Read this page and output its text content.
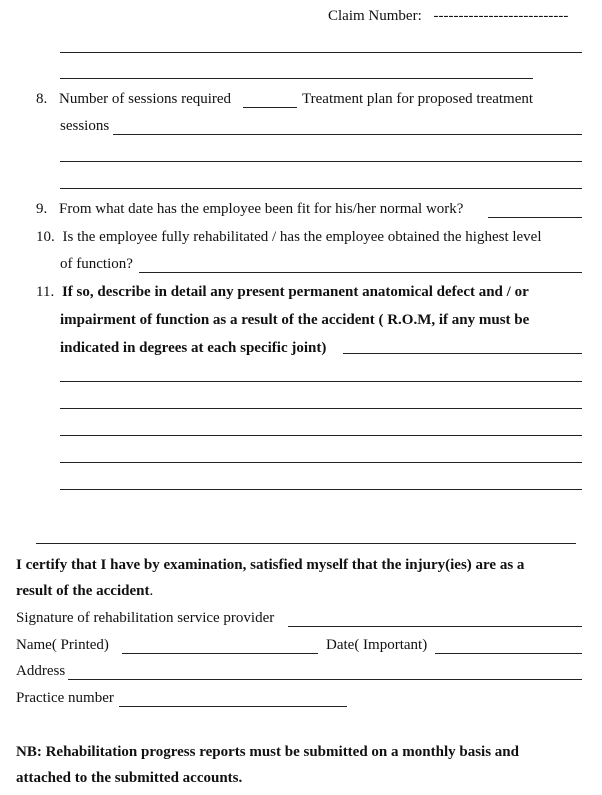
Claim Number: ---------------------------
8. Number of sessions required	Treatment plan for proposed treatment
sessions
9. From what date has the employee been fit for his/her normal work?
10. Is the employee fully rehabilitated / has the employee obtained the highest level
of function?
11. If so, describe in detail any present permanent anatomical defect and / or
impairment of function as a result of the accident ( R.O.M, if any must be
indicated in degrees at each specific joint)
I certify that I have by examination, satisfied myself that the injury(ies) are as a
result of the accident.
Signature of rehabilitation service provider
Name( Printed)	Date( Important)
Address
Practice number
NB: Rehabilitation progress reports must be submitted on a monthly basis and
attached to the submitted accounts.
